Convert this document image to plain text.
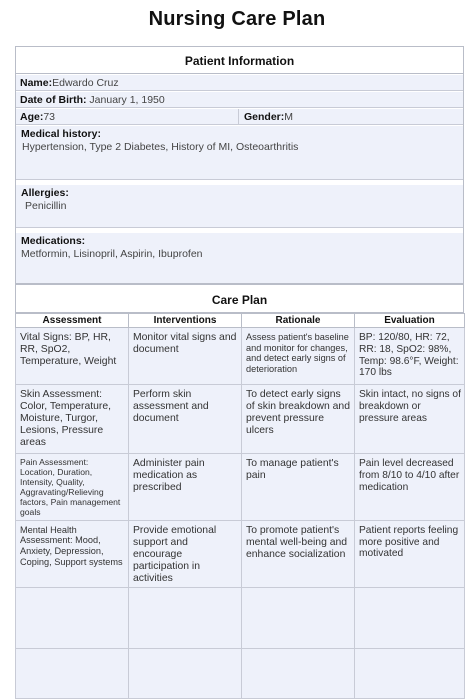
Nursing Care Plan
Patient Information
Name:Edwardo Cruz
Date of Birth: January 1, 1950
Age:73	Gender:M
Medical history:
Hypertension, Type 2 Diabetes, History of MI, Osteoarthritis
Allergies:
Penicillin
Medications:
Metformin, Lisinopril, Aspirin, Ibuprofen
Care Plan
Assessment	Interventions	Rationale	Evaluation
Vital Signs: BP, HR, RR, SpO2, Temperature, Weight	Monitor vital signs and document	Assess patient's baseline and monitor for changes, and detect early signs of deterioration	BP: 120/80, HR: 72, RR: 18, SpO2: 98%, Temp: 98.6°F, Weight: 170 lbs
Skin Assessment: Color, Temperature, Moisture, Turgor, Lesions, Pressure areas	Perform skin assessment and document	To detect early signs of skin breakdown and prevent pressure ulcers	Skin intact, no signs of breakdown or pressure areas
Pain Assessment: Location, Duration, Intensity, Quality, Aggravating/Relieving factors, Pain management goals	Administer pain medication as prescribed	To manage patient's pain	Pain level decreased from 8/10 to 4/10 after medication
Mental Health Assessment: Mood, Anxiety, Depression, Coping, Support systems	Provide emotional support and encourage participation in activities	To promote patient's mental well-being and enhance socialization	Patient reports feeling more positive and motivated
